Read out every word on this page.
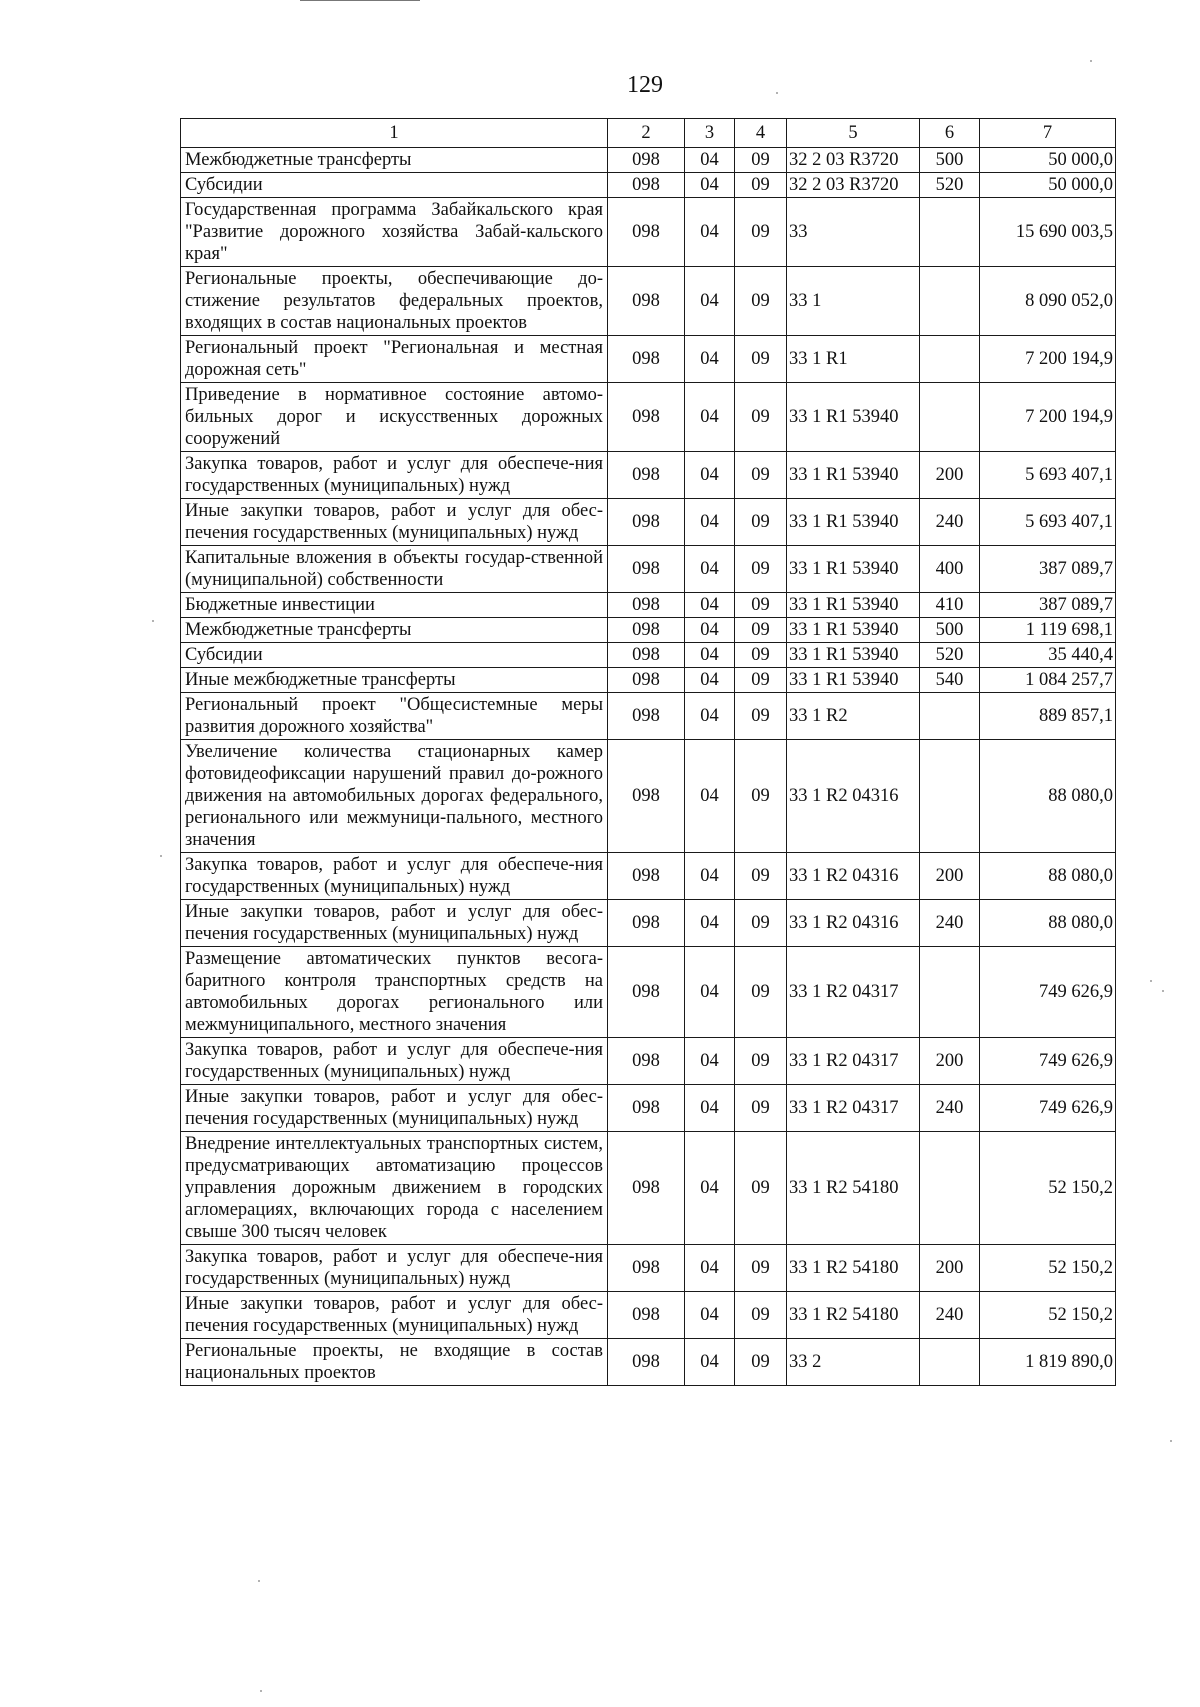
129
1	2	3	4	5	6	7
Межбюджетные трансферты	098	04	09	32 2 03 R3720	500	50 000,0
Субсидии	098	04	09	32 2 03 R3720	520	50 000,0
Государственная программа Забайкальского края "Развитие дорожного хозяйства Забай-кальского края"	098	04	09	33		15 690 003,5
Региональные проекты, обеспечивающие до-стижение результатов федеральных проектов, входящих в состав национальных проектов	098	04	09	33 1		8 090 052,0
Региональный проект "Региональная и местная дорожная сеть"	098	04	09	33 1 R1		7 200 194,9
Приведение в нормативное состояние автомо-бильных дорог и искусственных дорожных сооружений	098	04	09	33 1 R1 53940		7 200 194,9
Закупка товаров, работ и услуг для обеспече-ния государственных (муниципальных) нужд	098	04	09	33 1 R1 53940	200	5 693 407,1
Иные закупки товаров, работ и услуг для обес-печения государственных (муниципальных) нужд	098	04	09	33 1 R1 53940	240	5 693 407,1
Капитальные вложения в объекты государ-ственной (муниципальной) собственности	098	04	09	33 1 R1 53940	400	387 089,7
Бюджетные инвестиции	098	04	09	33 1 R1 53940	410	387 089,7
Межбюджетные трансферты	098	04	09	33 1 R1 53940	500	1 119 698,1
Субсидии	098	04	09	33 1 R1 53940	520	35 440,4
Иные межбюджетные трансферты	098	04	09	33 1 R1 53940	540	1 084 257,7
Региональный проект "Общесистемные меры развития дорожного хозяйства"	098	04	09	33 1 R2		889 857,1
Увеличение количества стационарных камер фотовидеофиксации нарушений правил до-рожного движения на автомобильных дорогах федерального, регионального или межмуници-пального, местного значения	098	04	09	33 1 R2 04316		88 080,0
Закупка товаров, работ и услуг для обеспече-ния государственных (муниципальных) нужд	098	04	09	33 1 R2 04316	200	88 080,0
Иные закупки товаров, работ и услуг для обес-печения государственных (муниципальных) нужд	098	04	09	33 1 R2 04316	240	88 080,0
Размещение автоматических пунктов весога-баритного контроля транспортных средств на автомобильных дорогах регионального или межмуниципального, местного значения	098	04	09	33 1 R2 04317		749 626,9
Закупка товаров, работ и услуг для обеспече-ния государственных (муниципальных) нужд	098	04	09	33 1 R2 04317	200	749 626,9
Иные закупки товаров, работ и услуг для обес-печения государственных (муниципальных) нужд	098	04	09	33 1 R2 04317	240	749 626,9
Внедрение интеллектуальных транспортных систем, предусматривающих автоматизацию процессов управления дорожным движением в городских агломерациях, включающих города с населением свыше 300 тысяч человек	098	04	09	33 1 R2 54180		52 150,2
Закупка товаров, работ и услуг для обеспече-ния государственных (муниципальных) нужд	098	04	09	33 1 R2 54180	200	52 150,2
Иные закупки товаров, работ и услуг для обес-печения государственных (муниципальных) нужд	098	04	09	33 1 R2 54180	240	52 150,2
Региональные проекты, не входящие в состав национальных проектов	098	04	09	33 2		1 819 890,0
